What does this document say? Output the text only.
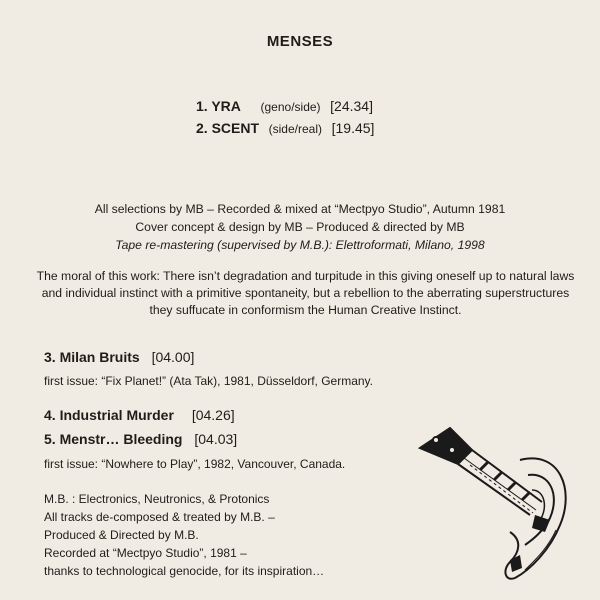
MENSES
1. YRA (geno/side) [24.34]
2. SCENT (side/real) [19.45]
All selections by MB – Recorded & mixed at “Mectpyo Studio”, Autumn 1981
Cover concept & design by MB – Produced & directed by MB
Tape re-mastering (supervised by M.B.): Elettroformati, Milano, 1998
The moral of this work: There isn’t degradation and turpitude in this giving oneself up to natural laws and individual instinct with a primitive spontaneity, but a rebellion to the aberrating superstructures they suffucate in conformism the Human Creative Instinct.
3. Milan Bruits [04.00]
first issue: “Fix Planet!” (Ata Tak), 1981, Düsseldorf, Germany.
4. Industrial Murder [04.26]
5. Menstr… Bleeding [04.03]
first issue: “Nowhere to Play”, 1982, Vancouver, Canada.
M.B. : Electronics, Neutronics, & Protonics
All tracks de-composed & treated by M.B. –
Produced & Directed by M.B.
Recorded at “Mectpyo Studio”, 1981 –
thanks to technological genocide, for its inspiration…
